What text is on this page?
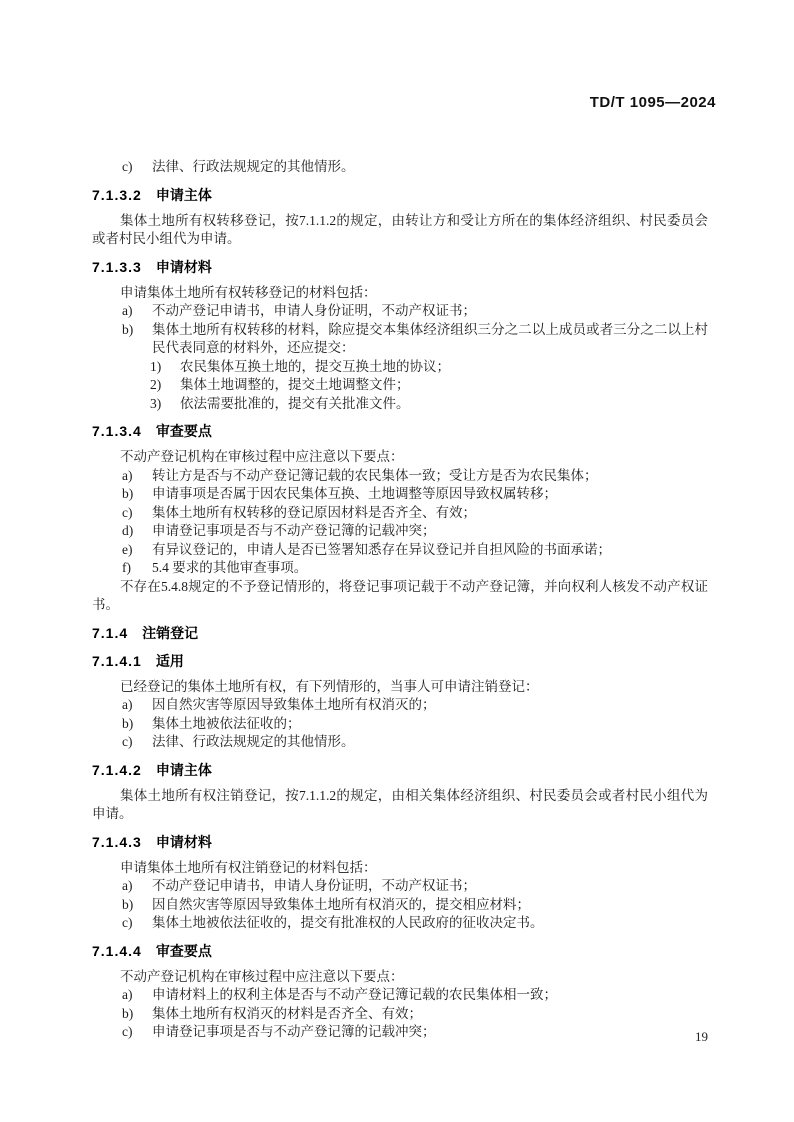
TD/T 1095—2024
c) 法律、行政法规规定的其他情形。
7.1.3.2 申请主体
集体土地所有权转移登记，按7.1.1.2的规定，由转让方和受让方所在的集体经济组织、村民委员会或者村民小组代为申请。
7.1.3.3 申请材料
申请集体土地所有权转移登记的材料包括：
a) 不动产登记申请书，申请人身份证明，不动产权证书；
b) 集体土地所有权转移的材料，除应提交本集体经济组织三分之二以上成员或者三分之二以上村民代表同意的材料外，还应提交：
1) 农民集体互换土地的，提交互换土地的协议；
2) 集体土地调整的，提交土地调整文件；
3) 依法需要批准的，提交有关批准文件。
7.1.3.4 审查要点
不动产登记机构在审核过程中应注意以下要点：
a) 转让方是否与不动产登记簿记载的农民集体一致；受让方是否为农民集体；
b) 申请事项是否属于因农民集体互换、土地调整等原因导致权属转移；
c) 集体土地所有权转移的登记原因材料是否齐全、有效；
d) 申请登记事项是否与不动产登记簿的记载冲突；
e) 有异议登记的，申请人是否已签署知悉存在异议登记并自担风险的书面承诺；
f) 5.4 要求的其他审查事项。
不存在5.4.8规定的不予登记情形的，将登记事项记载于不动产登记簿，并向权利人核发不动产权证书。
7.1.4 注销登记
7.1.4.1 适用
已经登记的集体土地所有权，有下列情形的，当事人可申请注销登记：
a) 因自然灾害等原因导致集体土地所有权消灭的；
b) 集体土地被依法征收的；
c) 法律、行政法规规定的其他情形。
7.1.4.2 申请主体
集体土地所有权注销登记，按7.1.1.2的规定，由相关集体经济组织、村民委员会或者村民小组代为申请。
7.1.4.3 申请材料
申请集体土地所有权注销登记的材料包括：
a) 不动产登记申请书，申请人身份证明，不动产权证书；
b) 因自然灾害等原因导致集体土地所有权消灭的，提交相应材料；
c) 集体土地被依法征收的，提交有批准权的人民政府的征收决定书。
7.1.4.4 审查要点
不动产登记机构在审核过程中应注意以下要点：
a) 申请材料上的权利主体是否与不动产登记簿记载的农民集体相一致；
b) 集体土地所有权消灭的材料是否齐全、有效；
c) 申请登记事项是否与不动产登记簿的记载冲突；	19
